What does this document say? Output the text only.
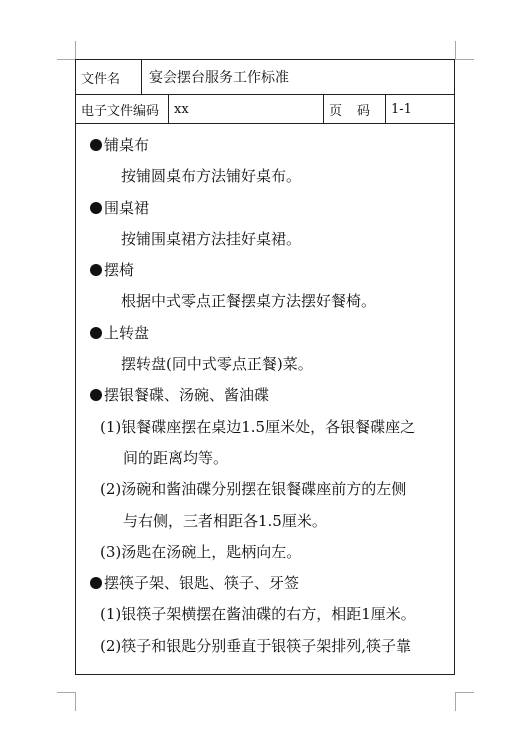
文件名	宴会摆台服务工作标准
电子文件编码	xx	页　码	1-1
铺桌布
按铺圆桌布方法铺好桌布。
围桌裙
按铺围桌裙方法挂好桌裙。
摆椅
根据中式零点正餐摆桌方法摆好餐椅。
上转盘
摆转盘(同中式零点正餐)菜。
摆银餐碟、汤碗、酱油碟
(1)银餐碟座摆在桌边1.5厘米处，各银餐碟座之
间的距离均等。
(2)汤碗和酱油碟分别摆在银餐碟座前方的左侧
与右侧，三者相距各1.5厘米。
(3)汤匙在汤碗上，匙柄向左。
摆筷子架、银匙、筷子、牙签
(1)银筷子架横摆在酱油碟的右方，相距1厘米。
(2)筷子和银匙分别垂直于银筷子架排列,筷子靠
